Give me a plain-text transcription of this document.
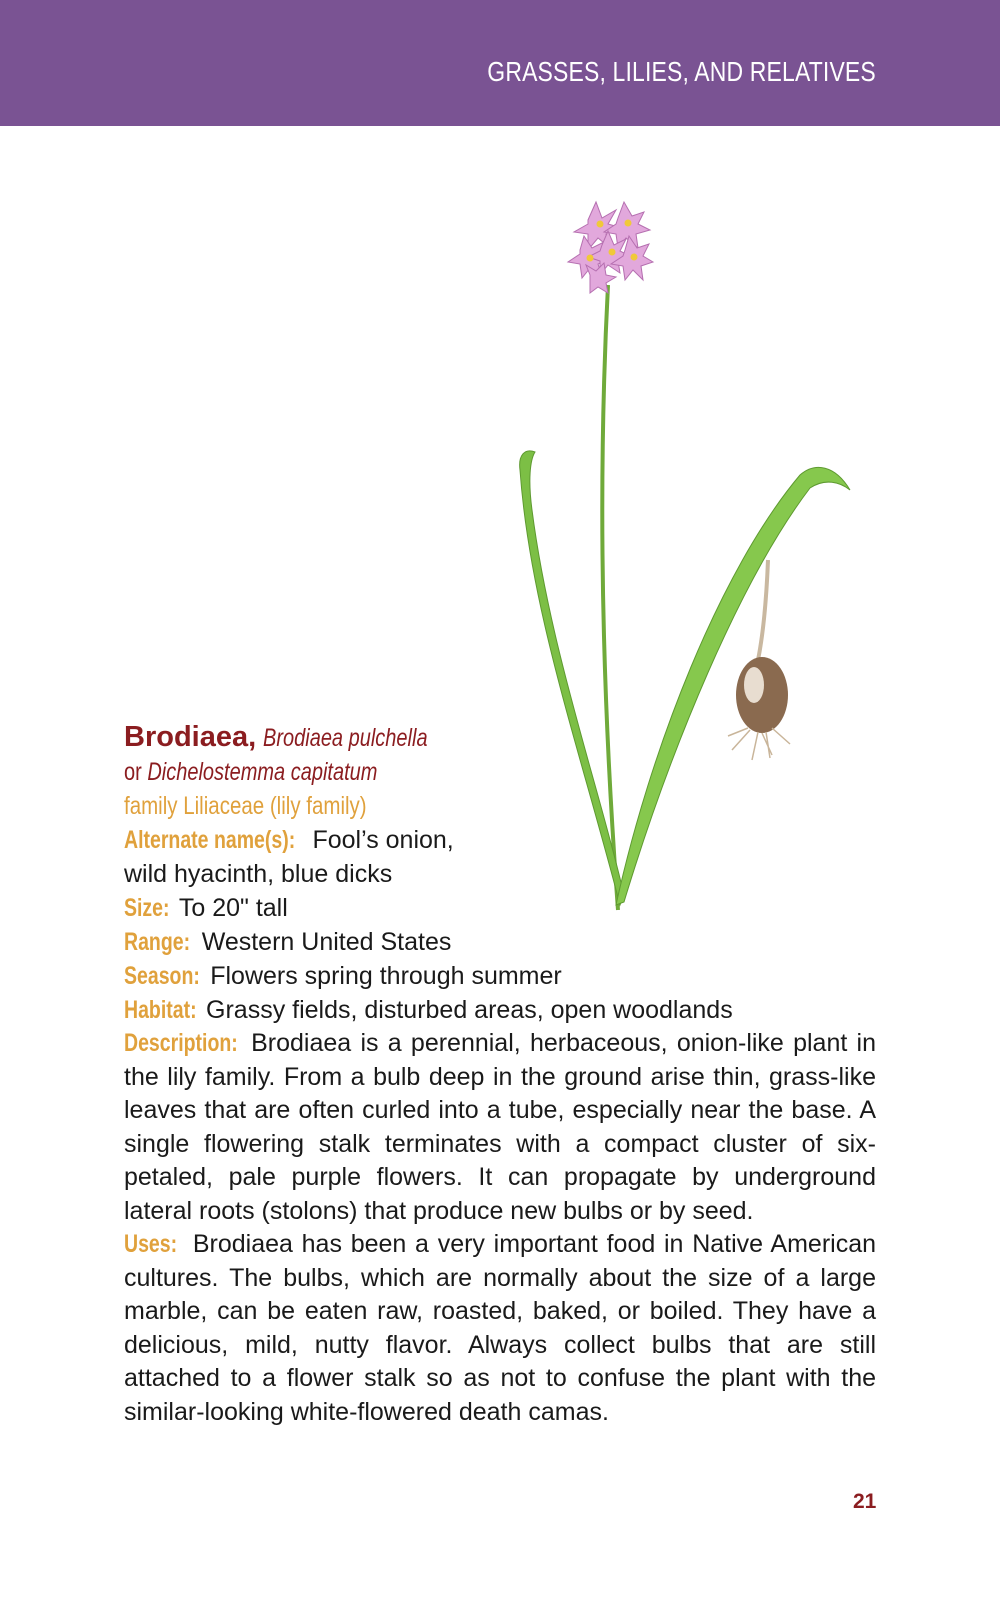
GRASSES, LILIES, AND RELATIVES
Brodiaea, Brodiaea pulchella
or Dichelostemma capitatum
family Liliaceae (lily family)
Alternate name(s): Fool’s onion,
wild hyacinth, blue dicks
Size: To 20" tall
Range: Western United States
Season: Flowers spring through summer
Habitat: Grassy fields, disturbed areas, open woodlands
Description: Brodiaea is a perennial, herbaceous, onion-like plant in the lily family. From a bulb deep in the ground arise thin, grass-like leaves that are often curled into a tube, especially near the base. A single flowering stalk terminates with a compact cluster of six-petaled, pale purple flowers. It can propagate by underground lateral roots (stolons) that produce new bulbs or by seed.
Uses: Brodiaea has been a very important food in Native American cultures. The bulbs, which are normally about the size of a large marble, can be eaten raw, roasted, baked, or boiled. They have a delicious, mild, nutty flavor. Always collect bulbs that are still attached to a flower stalk so as not to confuse the plant with the similar-looking white-flowered death camas.
21
